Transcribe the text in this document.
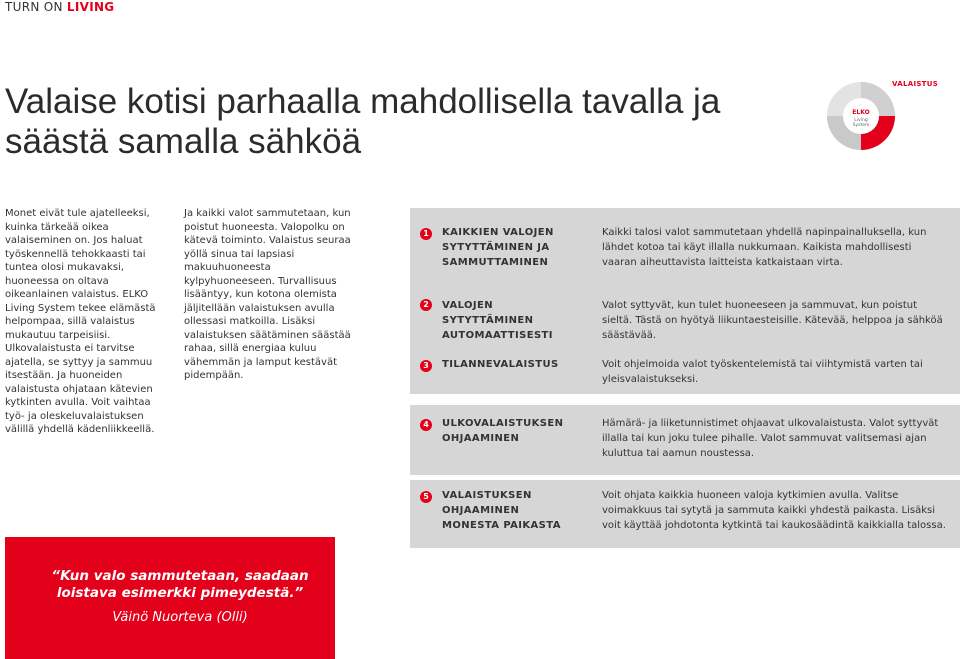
TURN ON LIVING
Valaise kotisi parhaalla mahdollisella tavalla ja säästä samalla sähköä
ELKO
Living
System
VALAISTUS
Monet eivät tule ajatelleeksi, kuinka tärkeää oikea valaiseminen on. Jos haluat työskennellä tehokkaasti tai tuntea olosi mukavaksi, huoneessa on oltava oikeanlainen valaistus. ELKO Living System tekee elämästä helpompaa, sillä valaistus mukautuu tarpeisiisi. Ulkovalaistusta ei tarvitse ajatella, se syttyy ja sammuu itsestään. Ja huoneiden valaistusta ohjataan kätevien kytkinten avulla. Voit vaihtaa työ- ja oleskeluvalaistuksen välillä yhdellä kädenliikkeellä.
Ja kaikki valot sammutetaan, kun poistut huoneesta. Valopolku on kätevä toiminto. Valaistus seuraa yöllä sinua tai lapsiasi makuuhuoneesta kylpyhuoneeseen. Turvallisuus lisääntyy, kun kotona olemista jäljitellään valaistuksen avulla ollessasi matkoilla. Lisäksi valaistuksen säätäminen säästää rahaa, sillä energiaa kuluu vähemmän ja lamput kestävät pidempään.
1	KAIKKIEN VALOJEN
SYTYTTÄMINEN JA
SAMMUTTAMINEN
Kaikki talosi valot sammutetaan yhdellä napinpainalluksella, kun lähdet kotoa tai käyt illalla nukkumaan. Kaikista mahdollisesti vaaran aiheuttavista laitteista katkaistaan virta.
2	VALOJEN
SYTYTTÄMINEN
AUTOMAATTISESTI
Valot syttyvät, kun tulet huoneeseen ja sammuvat, kun poistut sieltä. Tästä on hyötyä liikuntaesteisille. Kätevää, helppoa ja sähköä säästävää.
3	TILANNEVALAISTUS	Voit ohjelmoida valot työskentelemistä tai viihtymistä varten tai yleisvalaistukseksi.
4	ULKOVALAISTUKSEN
OHJAAMINEN
Hämärä- ja liiketunnistimet ohjaavat ulkovalaistusta. Valot syttyvät illalla tai kun joku tulee pihalle. Valot sammuvat valitsemasi ajan kuluttua tai aamun noustessa.
5	VALAISTUKSEN
OHJAAMINEN
MONESTA PAIKASTA
Voit ohjata kaikkia huoneen valoja kytkimien avulla. Valitse voimakkuus tai sytytä ja sammuta kaikki yhdestä paikasta. Lisäksi voit käyttää johdotonta kytkintä tai kaukosäädintä kaikkialla talossa.
“Kun valo sammutetaan, saadaan
loistava esimerkki pimeydestä.”
Väinö Nuorteva (Olli)
